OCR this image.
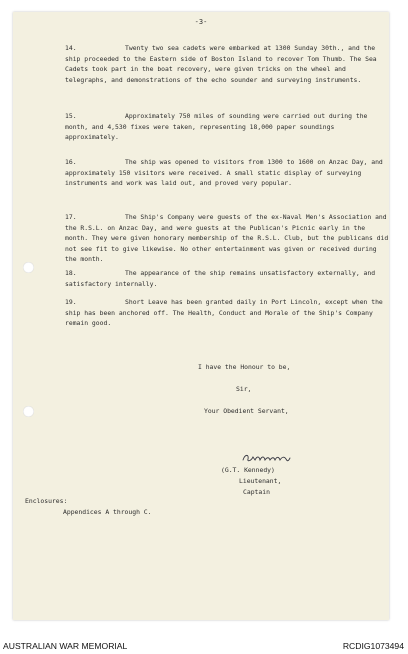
-3-
14.	Twenty two sea cadets were embarked at 1300 Sunday 30th., and the ship proceeded to the Eastern side of Boston Island to recover Tom Thumb. The Sea Cadets took part in the boat recovery, were given tricks on the wheel and telegraphs, and demonstrations of the echo sounder and surveying instruments.
15.	Approximately 750 miles of sounding were carried out during the month, and 4,530 fixes were taken, representing 18,000 paper soundings approximately.
16.	The ship was opened to visitors from 1300 to 1600 on Anzac Day, and approximately 150 visitors were received. A small static display of surveying instruments and work was laid out, and proved very popular.
17.	The Ship's Company were guests of the ex-Naval Men's Association and the R.S.L. on Anzac Day, and were guests at the Publican's Picnic early in the month. They were given honorary membership of the R.S.L. Club, but the publicans did not see fit to give likewise. No other entertainment was given or received during the month.
18.	The appearance of the ship remains unsatisfactory externally, and satisfactory internally.
19.	Short Leave has been granted daily in Port Lincoln, except when the ship has been anchored off. The Health, Conduct and Morale of the Ship's Company remain good.
I have the Honour to be,
Sir,
Your Obedient Servant,
(G.T. Kennedy)
Lieutenant,
Captain
Enclosures:
Appendices A through C.
AUSTRALIAN WAR MEMORIAL	RCDIG1073494
